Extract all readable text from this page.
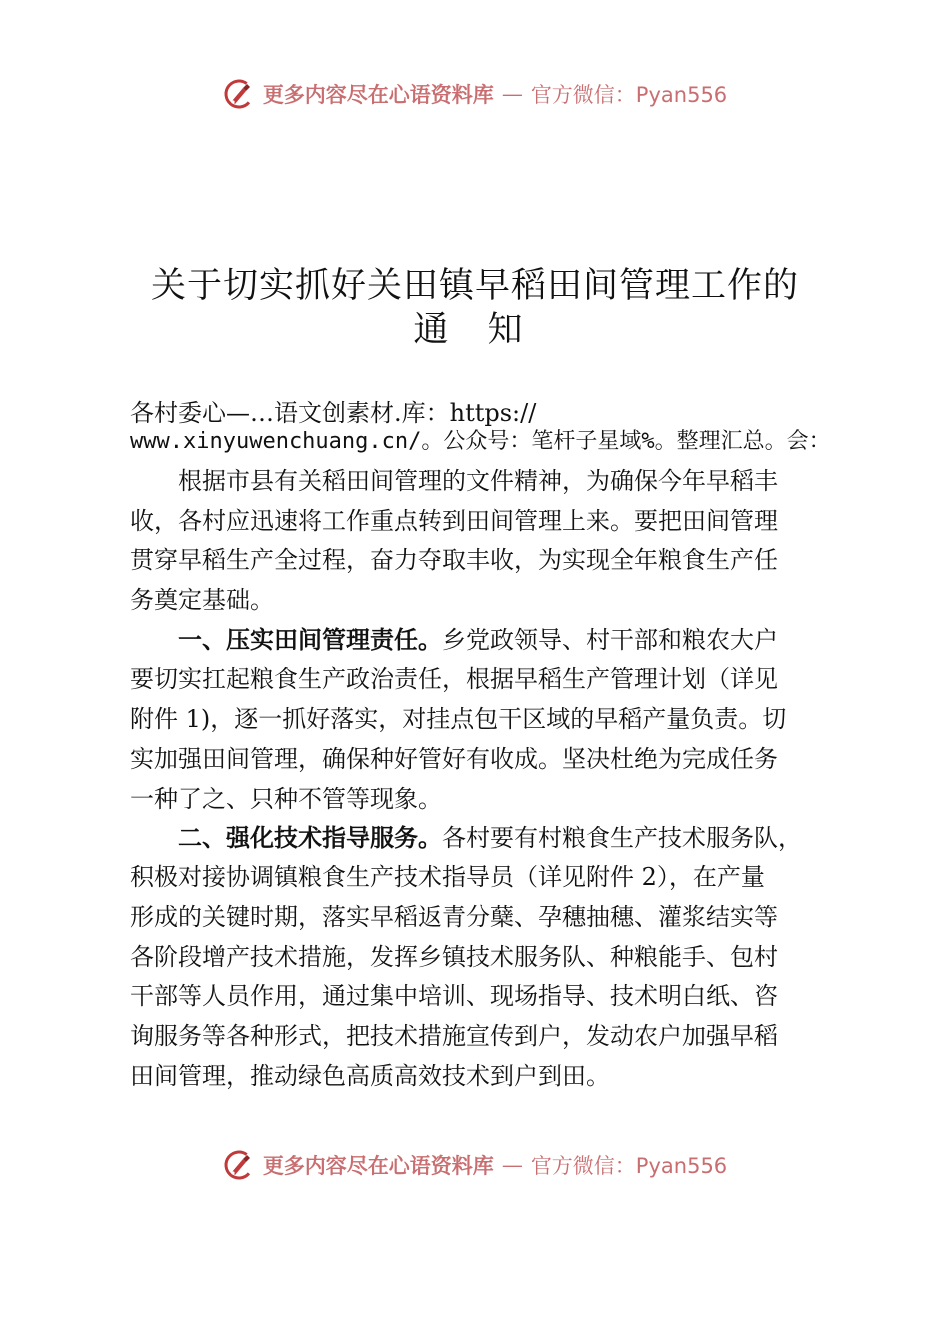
更多内容尽在心语资料库 — 官方微信：Pyan556
关于切实抓好关田镇早稻田间管理工作的
通 知
各村委心—…语文创素材.库：https://
www.xinyuwenchuang.cn/。公众号：笔杆子星域%。整理汇总。会：
根据市县有关稻田间管理的文件精神，为确保今年早稻丰
收，各村应迅速将工作重点转到田间管理上来。要把田间管理
贯穿早稻生产全过程，奋力夺取丰收，为实现全年粮食生产任
务奠定基础。
一、压实田间管理责任。乡党政领导、村干部和粮农大户
要切实扛起粮食生产政治责任，根据早稻生产管理计划（详见
附件 1)，逐一抓好落实，对挂点包干区域的早稻产量负责。切
实加强田间管理，确保种好管好有收成。坚决杜绝为完成任务
一种了之、只种不管等现象。
二、强化技术指导服务。各村要有村粮食生产技术服务队，
积极对接协调镇粮食生产技术指导员（详见附件 2），在产量
形成的关键时期，落实早稻返青分蘖、孕穗抽穗、灌浆结实等
各阶段增产技术措施，发挥乡镇技术服务队、种粮能手、包村
干部等人员作用，通过集中培训、现场指导、技术明白纸、咨
询服务等各种形式，把技术措施宣传到户，发动农户加强早稻
田间管理，推动绿色高质高效技术到户到田。
更多内容尽在心语资料库 — 官方微信：Pyan556
